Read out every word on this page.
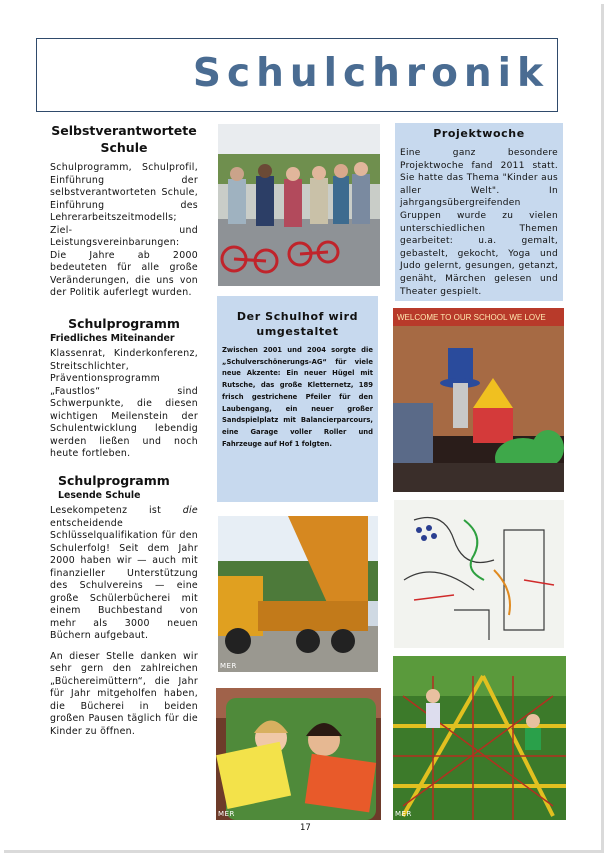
Schulchronik
Selbstverantwortete Schule
Schulprogramm, Schulprofil, Einführung der selbstverantworteten Schule, Einführung des Lehrerarbeitszeitmodells; Ziel- und Leistungsvereinbarungen: Die Jahre ab 2000 bedeuteten für alle große Veränderungen, die uns von der Politik auferlegt wurden.
Schulprogramm
Friedliches Miteinander
Klassenrat, Kinderkonferenz, Streitschlichter, Präventionsprogramm „Faustlos“ sind Schwerpunkte, die diesen wichtigen Meilenstein der Schulentwicklung lebendig werden ließen und noch heute fortleben.
Schulprogramm
Lesende Schule
Lesekompetenz ist die entscheidende Schlüsselqualifikation für den Schulerfolg! Seit dem Jahr 2000 haben wir — auch mit finanzieller Unterstützung des Schulvereins — eine große Schülerbücherei mit einem Buchbestand von mehr als 3000 neuen Büchern aufgebaut.
An dieser Stelle danken wir sehr gern den zahlreichen „Büchereimüttern“, die Jahr für Jahr mitgeholfen haben, die Bücherei in beiden großen Pausen täglich für die Kinder zu öffnen.
Der Schulhof wird umgestaltet
Zwischen 2001 und 2004 sorgte die „Schulverschönerungs-AG“ für viele neue Akzente: Ein neuer Hügel mit Rutsche, das große Kletternetz, 189 frisch gestrichene Pfeiler für den Laubengang, ein neuer großer Sandspielplatz mit Balancierparcours, eine Garage voller Roller und Fahrzeuge auf Hof 1 folgten.
MER
MER
Projektwoche
Eine ganz besondere Projektwoche fand 2011 statt. Sie hatte das Thema "Kinder aus aller Welt". In jahrgangsübergreifenden Gruppen wurde zu vielen unterschiedlichen Themen gearbeitet: u.a. gemalt, gebastelt, gekocht, Yoga und Judo gelernt, gesungen, getanzt, genäht, Märchen gelesen und Theater gespielt.
WELCOME TO OUR SCHOOL WE LOVE
MER
17
